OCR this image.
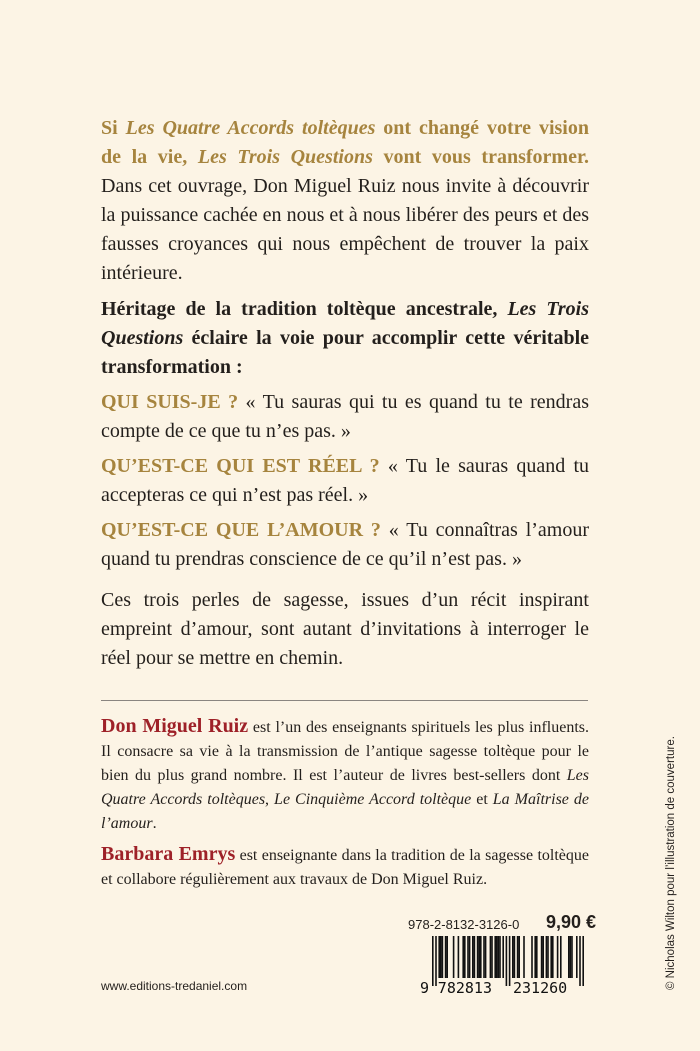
Si Les Quatre Accords toltèques ont changé votre vision de la vie, Les Trois Questions vont vous transformer. Dans cet ouvrage, Don Miguel Ruiz nous invite à découvrir la puissance cachée en nous et à nous libérer des peurs et des fausses croyances qui nous empêchent de trouver la paix intérieure.

Héritage de la tradition toltèque ancestrale, Les Trois Questions éclaire la voie pour accomplir cette véritable transformation :

QUI SUIS-JE ? « Tu sauras qui tu es quand tu te rendras compte de ce que tu n’es pas. »

QU’EST-CE QUI EST RÉEL ? « Tu le sauras quand tu accepteras ce qui n’est pas réel. »

QU’EST-CE QUE L’AMOUR ? « Tu connaîtras l’amour quand tu prendras conscience de ce qu’il n’est pas. »

Ces trois perles de sagesse, issues d’un récit inspirant empreint d’amour, sont autant d’invitations à interroger le réel pour se mettre en chemin.
Don Miguel Ruiz est l’un des enseignants spirituels les plus influents. Il consacre sa vie à la transmission de l’antique sagesse toltèque pour le bien du plus grand nombre. Il est l’auteur de livres best-sellers dont Les Quatre Accords toltèques, Le Cinquième Accord toltèque et La Maîtrise de l’amour.
Barbara Emrys est enseignante dans la tradition de la sagesse toltèque et collabore régulièrement aux travaux de Don Miguel Ruiz.
978-2-8132-3126-0 9,90 €
9 782813 231260
www.editions-tredaniel.com	© Nicholas Wilton pour l’illustration de couverture.
